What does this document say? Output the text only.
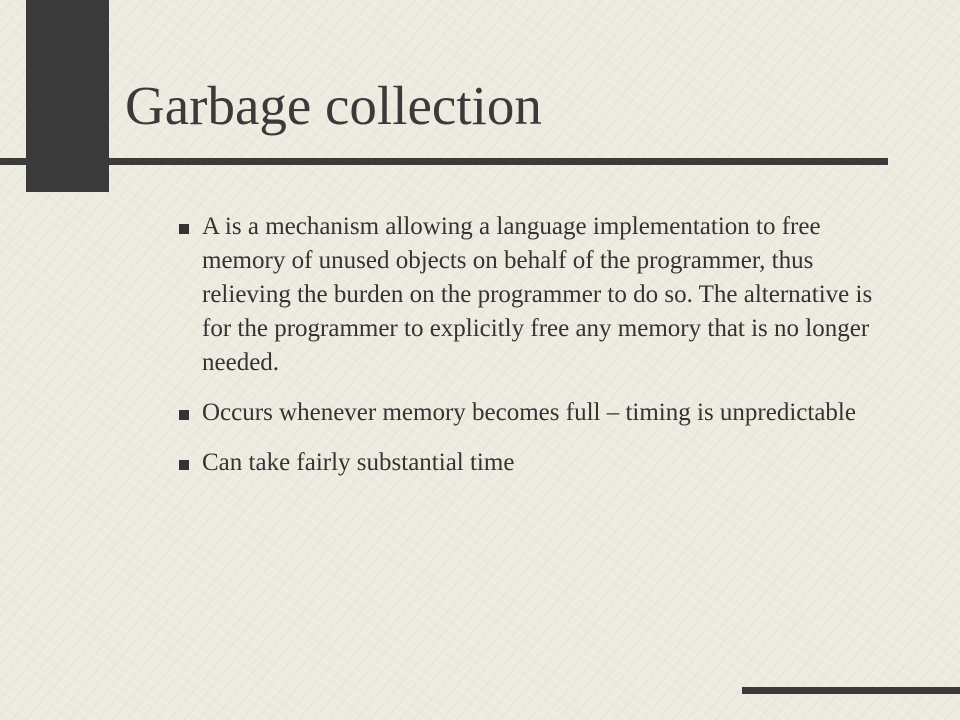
Garbage collection
A is a mechanism allowing a language implementation to free memory of unused objects on behalf of the programmer, thus relieving the burden on the programmer to do so. The alternative is for the programmer to explicitly free any memory that is no longer needed.
Occurs whenever memory becomes full – timing is unpredictable
Can take fairly substantial time
